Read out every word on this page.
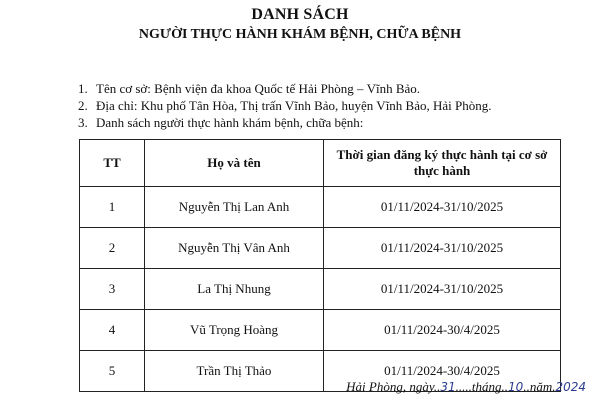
DANH SÁCH
NGƯỜI THỰC HÀNH KHÁM BỆNH, CHỮA BỆNH
1. Tên cơ sở: Bệnh viện đa khoa Quốc tế Hải Phòng – Vĩnh Bảo.
2. Địa chỉ: Khu phố Tân Hòa, Thị trấn Vĩnh Bảo, huyện Vĩnh Bảo, Hải Phòng.
3. Danh sách người thực hành khám bệnh, chữa bệnh:
TT	Họ và tên	Thời gian đăng ký thực hành tại cơ sở thực hành
1	Nguyễn Thị Lan Anh	01/11/2024-31/10/2025
2	Nguyễn Thị Vân Anh	01/11/2024-31/10/2025
3	La Thị Nhung	01/11/2024-31/10/2025
4	Vũ Trọng Hoàng	01/11/2024-30/4/2025
5	Trần Thị Thảo	01/11/2024-30/4/2025
Hải Phòng, ngày..31.....tháng..10..năm.2024
